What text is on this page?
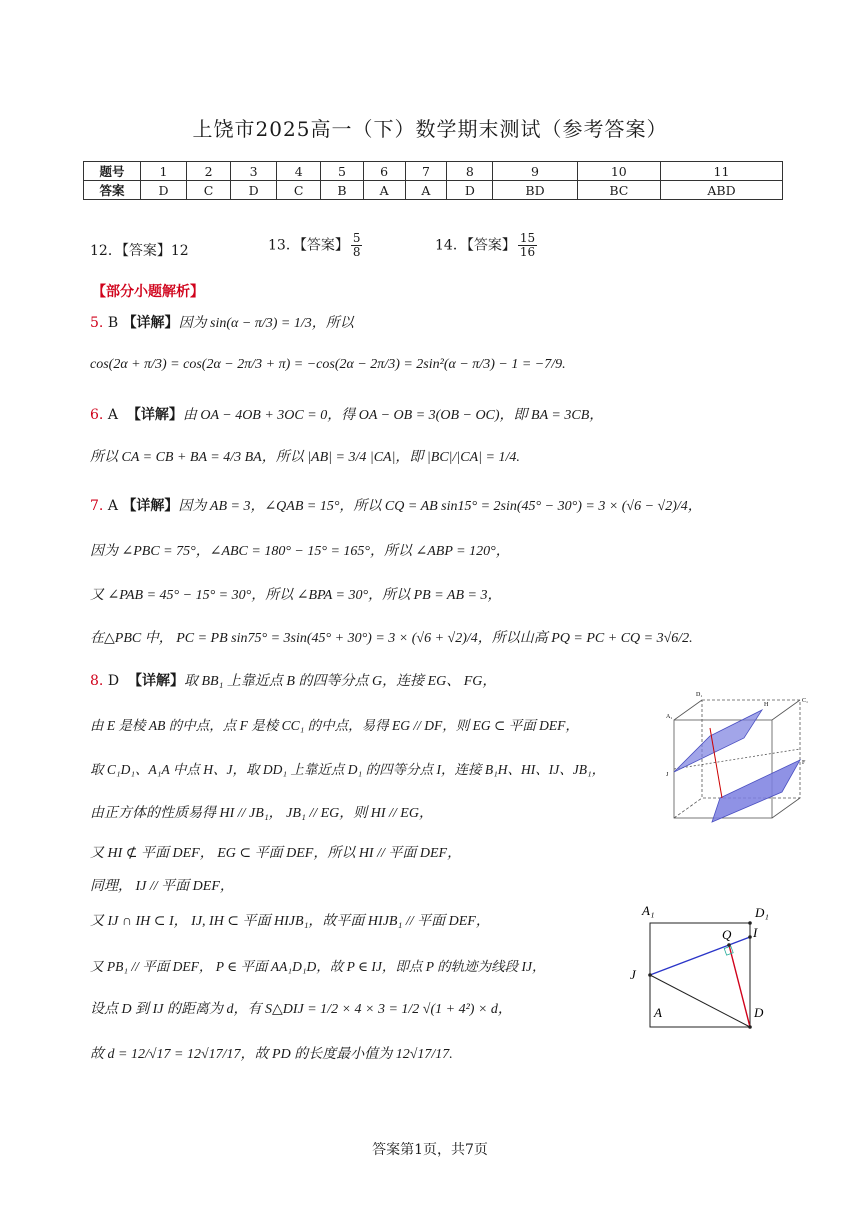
上饶市2025高一（下）数学期末测试（参考答案）
题号	1	2	3	4	5	6	7	8	9	10	11
答案	D	C	D	C	B	A	A	D	BD	BC	ABD
12．【答案】12	13．【答案】 $\frac{5}{8}$	14．【答案】 $\frac{15}{16}$
【部分小题解析】
5. B 【详解】因为 sin(α − π/3) = 1/3，所以
cos(2α + π/3) = cos(2α − 2π/3 + π) = −cos(2α − 2π/3) = 2sin²(α − π/3) − 1 = −7/9.
6. A 【详解】由 OA − 4OB + 3OC = 0，得 OA − OB = 3(OB − OC)，即 BA = 3CB，
所以 CA = CB + BA = 4/3 BA，所以 |AB| = 3/4 |CA|，即 |BC|/|CA| = 1/4.
7. A 【详解】因为 AB = 3，∠QAB = 15°，所以 CQ = AB sin15° = 2sin(45° − 30°) = 3 × (√6 − √2)/4，
因为 ∠PBC = 75°，∠ABC = 180° − 15° = 165°，所以 ∠ABP = 120°，
又 ∠PAB = 45° − 15° = 30°，所以 ∠BPA = 30°，所以 PB = AB = 3，
在△PBC 中， PC = PB sin75° = 3sin(45° + 30°) = 3 × (√6 + √2)/4，所以山高 PQ = PC + CQ = 3√6/2.
8. D 【详解】取 BB₁ 上靠近点 B 的四等分点 G，连接 EG、 FG，
由 E 是棱 AB 的中点，点 F 是棱 CC₁ 的中点，易得 EG // DF，则 EG ⊂ 平面 DEF，
取 C₁D₁、A₁A 中点 H、J，取 DD₁ 上靠近点 D₁ 的四等分点 I，连接 B₁H、HI、IJ、JB₁，
由正方体的性质易得 HI // JB₁， JB₁ // EG，则 HI // EG，
又 HI ⊄ 平面 DEF， EG ⊂ 平面 DEF，所以 HI // 平面 DEF，
同理， IJ // 平面 DEF，
又 IJ ∩ IH ⊂ I， IJ, IH ⊂ 平面 HIJB₁，故平面 HIJB₁ // 平面 DEF，
又 PB₁ // 平面 DEF， P ∈ 平面 AA₁D₁D，故 P ∈ IJ，即点 P 的轨迹为线段 IJ，
设点 D 到 IJ 的距离为 d，有 S△DIJ = 1/2 × 4 × 3 = 1/2 √(1 + 4²) × d，
故 d = 12/√17 = 12√17/17，故 PD 的长度最小值为 12√17/17.
D₁
H
C₁
A₁
J
F
A₁	D₁
I
Q
J
A	D
答案第1页，共7页
